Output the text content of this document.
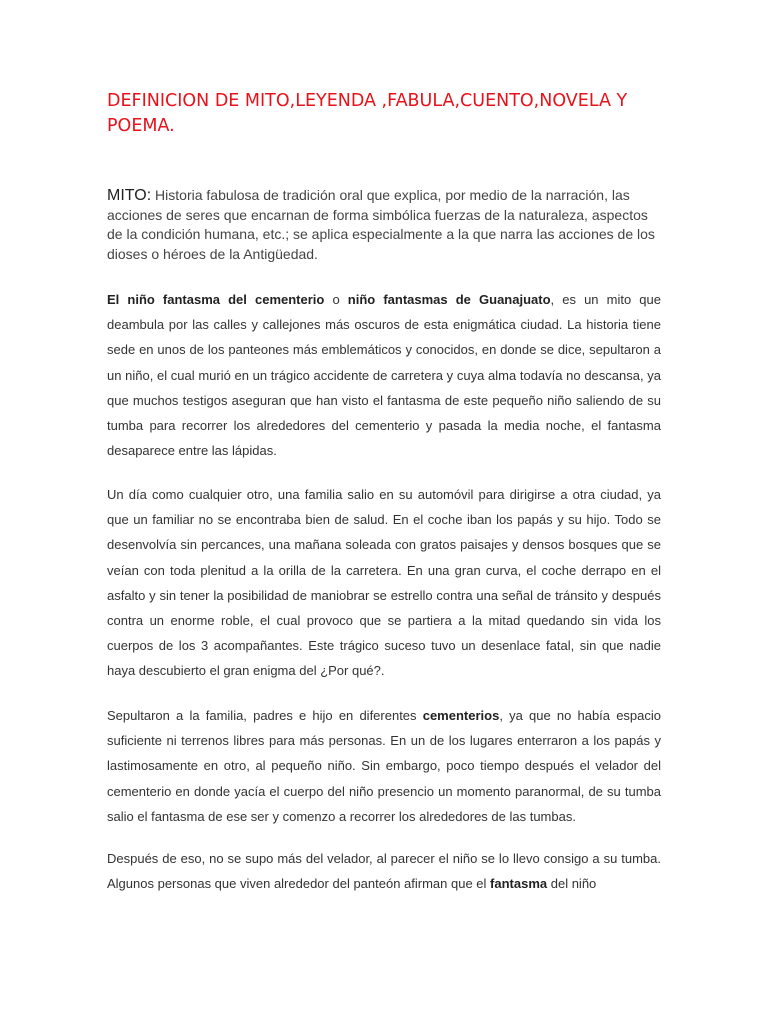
DEFINICION DE MITO,LEYENDA ,FABULA,CUENTO,NOVELA Y POEMA.

MITO: Historia fabulosa de tradición oral que explica, por medio de la narración, las acciones de seres que encarnan de forma simbólica fuerzas de la naturaleza, aspectos de la condición humana, etc.; se aplica especialmente a la que narra las acciones de los dioses o héroes de la Antigüedad.

El niño fantasma del cementerio o niño fantasmas de Guanajuato, es un mito que deambula por las calles y callejones más oscuros de esta enigmática ciudad. La historia tiene sede en unos de los panteones más emblemáticos y conocidos, en donde se dice, sepultaron a un niño, el cual murió en un trágico accidente de carretera y cuya alma todavía no descansa, ya que muchos testigos aseguran que han visto el fantasma de este pequeño niño saliendo de su tumba para recorrer los alrededores del cementerio y pasada la media noche, el fantasma desaparece entre las lápidas.

Un día como cualquier otro, una familia salio en su automóvil para dirigirse a otra ciudad, ya que un familiar no se encontraba bien de salud. En el coche iban los papás y su hijo. Todo se desenvolvía sin percances, una mañana soleada con gratos paisajes y densos bosques que se veían con toda plenitud a la orilla de la carretera. En una gran curva, el coche derrapo en el asfalto y sin tener la posibilidad de maniobrar se estrello contra una señal de tránsito y después contra un enorme roble, el cual provoco que se partiera a la mitad quedando sin vida los cuerpos de los 3 acompañantes. Este trágico suceso tuvo un desenlace fatal, sin que nadie haya descubierto el gran enigma del ¿Por qué?.

Sepultaron a la familia, padres e hijo en diferentes cementerios, ya que no había espacio suficiente ni terrenos libres para más personas. En un de los lugares enterraron a los papás y lastimosamente en otro, al pequeño niño. Sin embargo, poco tiempo después el velador del cementerio en donde yacía el cuerpo del niño presencio un momento paranormal, de su tumba salio el fantasma de ese ser y comenzo a recorrer los alrededores de las tumbas.

Después de eso, no se supo más del velador, al parecer el niño se lo llevo consigo a su tumba. Algunos personas que viven alrededor del panteón afirman que el fantasma del niño
